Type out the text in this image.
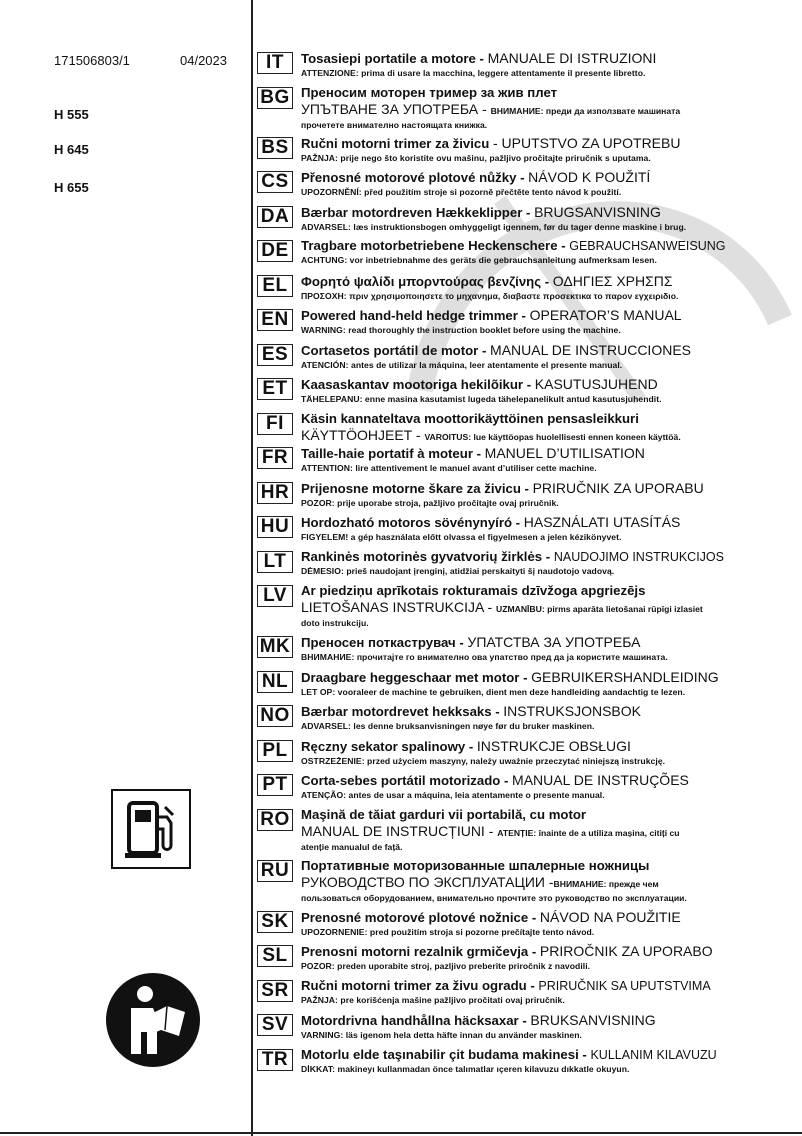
171506803/1	04/2023
H 555
H 645
H 655
IT	Tosasiepi portatile a motore - MANUALE DI ISTRUZIONI
ATTENZIONE: prima di usare la macchina, leggere attentamente il presente libretto.
BG Преносим моторен тример за жив плет
УПЪТВАНЕ ЗА УПОТРЕБА - ВНИМАНИЕ: преди да използвате машината
прочетете внимателно настоящата книжка.
BS Ručni motorni trimer za živicu - UPUTSTVO ZA UPOTREBU
PAŽNJA: prije nego što koristite ovu mašinu, pažljivo pročitajte priručnik s uputama.
CS Přenosné motorové plotové nůžky - NÁVOD K POUŽITÍ
UPOZORNĚNÍ: před použitím stroje si pozorně přečtěte tento návod k použití.
DA Bærbar motordreven Hækkeklipper - BRUGSANVISNING
ADVARSEL: læs instruktionsbogen omhyggeligt igennem, før du tager denne maskine i brug.
DE Tragbare motorbetriebene Heckenschere - GEBRAUCHSANWEISUNG
ACHTUNG: vor inbetriebnahme des geräts die gebrauchsanleitung aufmerksam lesen.
EL	Φορητό ψαλίδι μπορντούρας βενζίνης - ΟΔΗΓΙΕΣ ΧΡΗΣΠΣ
ΠΡΟΣΟΧΗ: πριν χρησιμοποιησετε το μηχανημα, διαβαστε προσεκτικα το παρον εγχειριδιο.
EN Powered hand-held hedge trimmer - OPERATOR’S MANUAL
WARNING: read thoroughly the instruction booklet before using the machine.
ES Cortasetos portátil de motor - MANUAL DE INSTRUCCIONES
ATENCIÓN: antes de utilizar la máquina, leer atentamente el presente manual.
ET	Kaasaskantav mootoriga hekilõikur - KASUTUSJUHEND
TÄHELEPANU: enne masina kasutamist lugeda tähelepanelikult antud kasutusjuhendit.
FI	Käsin kannateltava moottorikäyttöinen pensasleikkuri
KÄYTTÖOHJEET - VAROITUS: lue käyttöopas huolellisesti ennen koneen käyttöä.
FR Taille-haie portatif à moteur - MANUEL D’UTILISATION
ATTENTION: lire attentivement le manuel avant d’utiliser cette machine.
HR Prijenosne motorne škare za živicu - PRIRUČNIK ZA UPORABU
POZOR: prije uporabe stroja, pažljivo pročitajte ovaj priručnik.
HU Hordozható motoros sövénynyíró - HASZNÁLATI UTASÍTÁS
FIGYELEM! a gép használata előtt olvassa el figyelmesen a jelen kézikönyvet.
LT	Rankinės motorinės gyvatvorių žirklės - NAUDOJIMO INSTRUKCIJOS
DĖMESIO: prieš naudojant įrenginį, atidžiai perskaityti šį naudotojo vadovą.
LV	Ar piedziņu aprīkotais rokturamais dzīvžoga apgriezējs
LIETOŠANAS INSTRUKCIJA - UZMANĪBU: pirms aparāta lietošanai rūpīgi izlasiet
doto instrukciju.
MK Преносен поткаструвач - УПАТСТВА ЗА УПОТРЕБА
ВНИМАНИЕ: прочитајте го внимателно ова упатство пред да ја користите машината.
NL Draagbare heggeschaar met motor - GEBRUIKERSHANDLEIDING
LET OP: vooraleer de machine te gebruiken, dient men deze handleiding aandachtig te lezen.
NO Bærbar motordrevet hekksaks - INSTRUKSJONSBOK
ADVARSEL: les denne bruksanvisningen nøye før du bruker maskinen.
PL	Ręczny sekator spalinowy - INSTRUKCJE OBSŁUGI
OSTRZEŻENIE: przed użyciem maszyny, należy uważnie przeczytać niniejszą instrukcję.
PT	Corta-sebes portátil motorizado - MANUAL DE INSTRUÇÕES
ATENÇÃO: antes de usar a máquina, leia atentamente o presente manual.
RO Maşină de tăiat garduri vii portabilă, cu motor
MANUAL DE INSTRUCȚIUNI - ATENȚIE: înainte de a utiliza mașina, citiți cu
atenție manualul de față.
RU Портативные моторизованные шпалерные ножницы
РУКОВОДСТВО ПО ЭКСПЛУАТАЦИИ -ВНИМАНИЕ: прежде чем
пользоваться оборудованием, внимательно прочтите это руководство по эксплуатации.
SK Prenosné motorové plotové nožnice - NÁVOD NA POUŽITIE
UPOZORNENIE: pred použitím stroja si pozorne prečítajte tento návod.
SL	Prenosni motorni rezalnik grmičevja - PRIROČNIK ZA UPORABO
POZOR: preden uporabite stroj, pazljivo preberite priročnik z navodili.
SR Ručni motorni trimer za živu ogradu - PRIRUČNIK SA UPUTSTVIMA
PAŽNJA: pre korišćenja mašine pažljivo pročitati ovaj priručnik.
SV Motordrivna handhållna häcksaxar - BRUKSANVISNING
VARNING: läs igenom hela detta häfte innan du använder maskinen.
TR Motorlu elde taşınabilir çit budama makinesi - KULLANIM KILAVUZU
DİKKAT: makineyı kullanmadan önce talımatlar ıçeren kilavuzu dıkkatle okuyun.
